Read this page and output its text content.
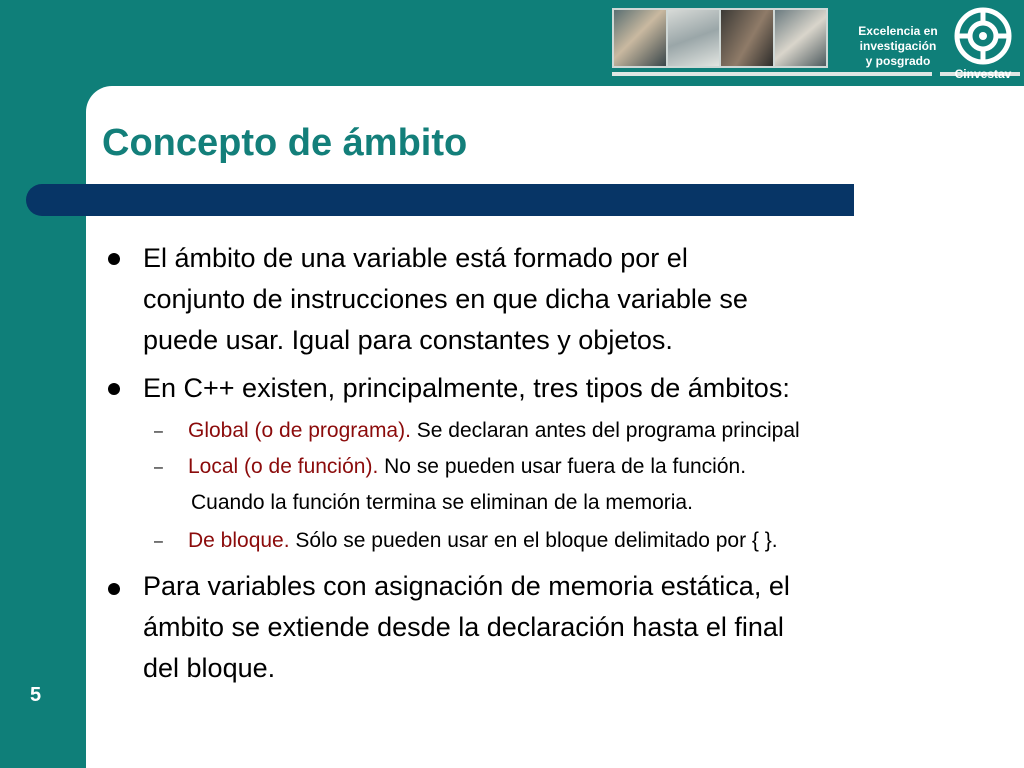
Excelencia en
investigación
y posgrado
Cinvestav
5
Concepto de ámbito

El ámbito de una variable está formado por el
conjunto de instrucciones en que dicha variable se
puede usar. Igual para constantes y objetos.

En C++ existen, principalmente, tres tipos de ámbitos:

– Global (o de programa). Se declaran antes del programa principal

– Local (o de función). No se pueden usar fuera de la función.

Cuando la función termina se eliminan de la memoria.

– De bloque. Sólo se pueden usar en el bloque delimitado por { }.

Para variables con asignación de memoria estática, el
ámbito se extiende desde la declaración hasta el final
del bloque.
